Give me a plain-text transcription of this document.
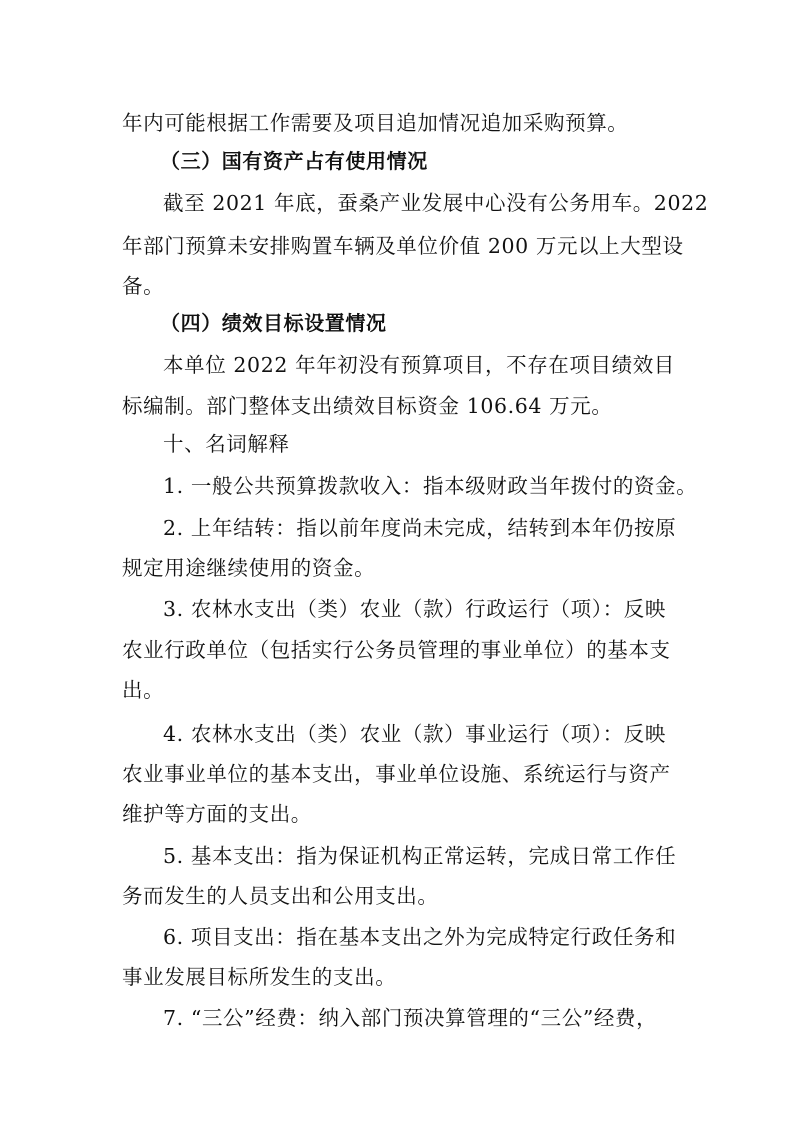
年内可能根据工作需要及项目追加情况追加采购预算。
（三）国有资产占有使用情况
截至 2021 年底，蚕桑产业发展中心没有公务用车。2022
年部门预算未安排购置车辆及单位价值 200 万元以上大型设
备。
（四）绩效目标设置情况
本单位 2022 年年初没有预算项目，不存在项目绩效目
标编制。部门整体支出绩效目标资金 106.64 万元。
十、名词解释
1. 一般公共预算拨款收入：指本级财政当年拨付的资金。
2. 上年结转：指以前年度尚未完成，结转到本年仍按原
规定用途继续使用的资金。
3. 农林水支出（类）农业（款）行政运行（项）：反映
农业行政单位（包括实行公务员管理的事业单位）的基本支
出。
4. 农林水支出（类）农业（款）事业运行（项）：反映
农业事业单位的基本支出，事业单位设施、系统运行与资产
维护等方面的支出。
5. 基本支出：指为保证机构正常运转，完成日常工作任
务而发生的人员支出和公用支出。
6. 项目支出：指在基本支出之外为完成特定行政任务和
事业发展目标所发生的支出。
7. “三公”经费：纳入部门预决算管理的“三公”经费，
